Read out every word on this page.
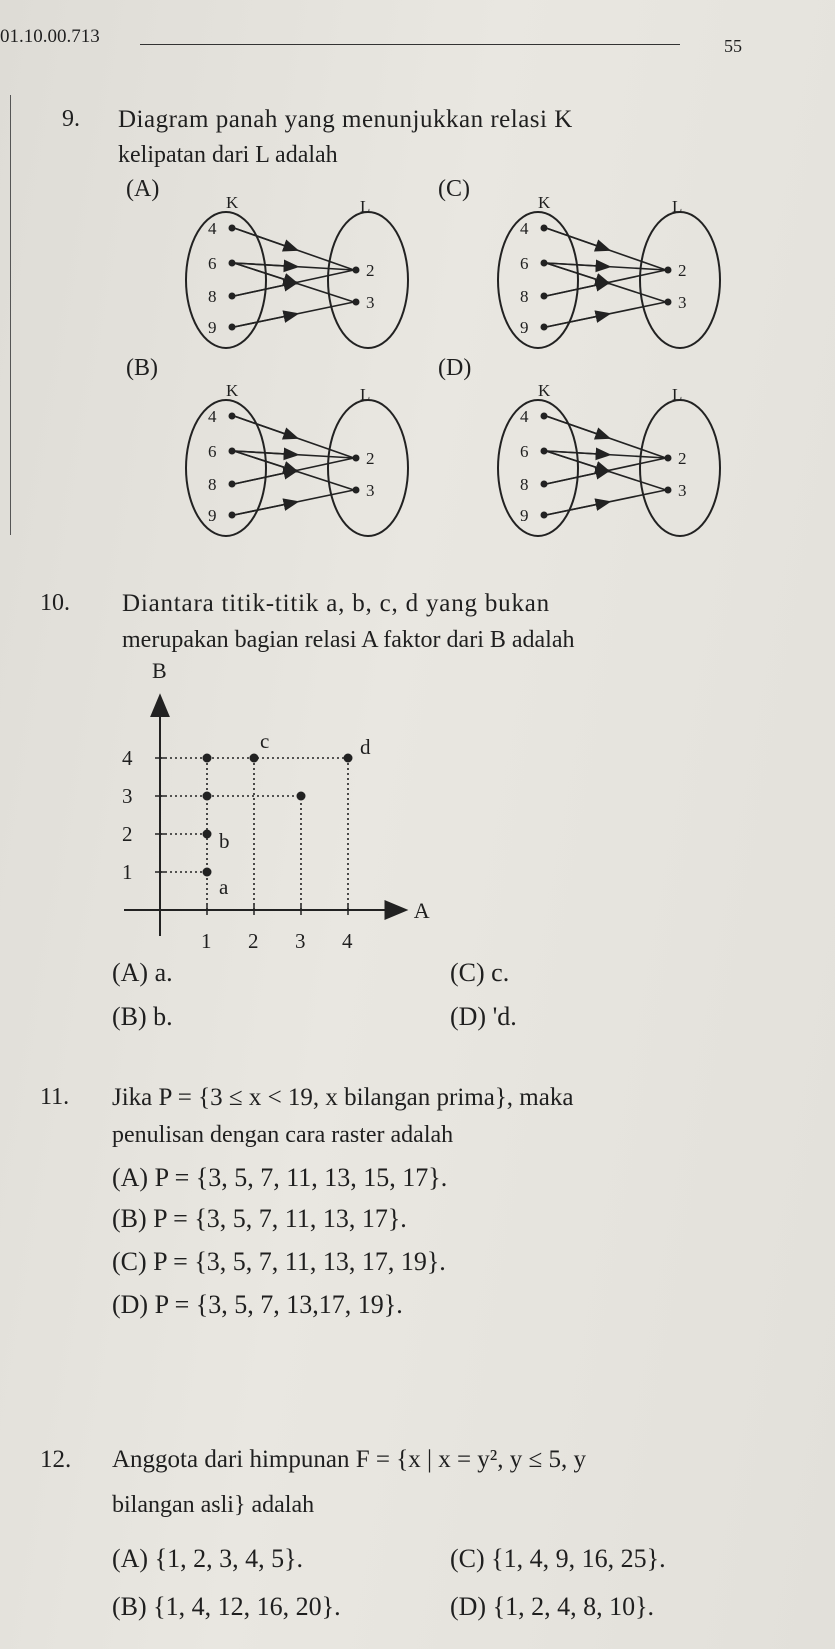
01.10.00.713	55
9. Diagram panah yang menunjukkan relasi K
kelipatan dari L adalah
(A)
(B)
(C)
(D)
K	L
4
6
8
9
2
3
K	L
4
6
8
9
2
3
K	L
4
6
8
9
2
3
K	L
4
6
8
9
2
3
10. Diantara titik-titik a, b, c, d yang bukan
merupakan bagian relasi A faktor dari B adalah
A
B
1 2 3 4
1
2
3
4
a
b
c	d
(A) a.
(B) b.
(C) c.
(D) 'd.
11. Jika P = {3 ≤ x < 19, x bilangan prima}, maka
penulisan dengan cara raster adalah
(A) P = {3, 5, 7, 11, 13, 15, 17}.
(B) P = {3, 5, 7, 11, 13, 17}.
(C) P = {3, 5, 7, 11, 13, 17, 19}.
(D) P = {3, 5, 7, 13,17, 19}.
12. Anggota dari himpunan F = {x | x = y², y ≤ 5, y
bilangan asli} adalah
(A) {1, 2, 3, 4, 5}.
(B) {1, 4, 12, 16, 20}.
(C) {1, 4, 9, 16, 25}.
(D) {1, 2, 4, 8, 10}.
